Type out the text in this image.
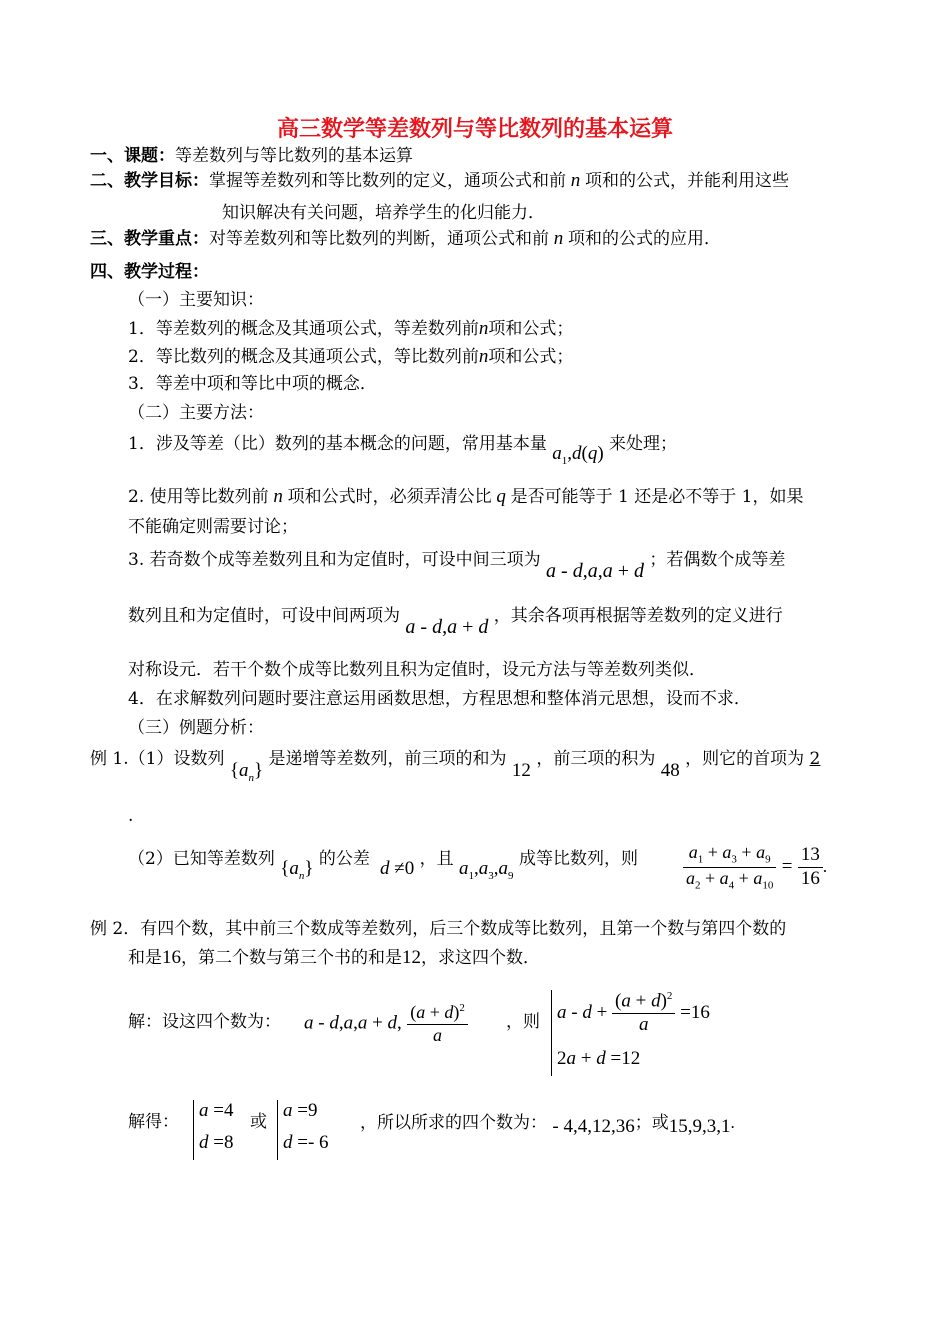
高三数学等差数列与等比数列的基本运算
一、课题：等差数列与等比数列的基本运算
二、教学目标：掌握等差数列和等比数列的定义，通项公式和前 n 项和的公式，并能利用这些
知识解决有关问题，培养学生的化归能力．
三、教学重点：对等差数列和等比数列的判断，通项公式和前 n 项和的公式的应用．
四、教学过程：
（一）主要知识：
1．等差数列的概念及其通项公式，等差数列前n项和公式；
2．等比数列的概念及其通项公式，等比数列前n项和公式；
3．等差中项和等比中项的概念．
（二）主要方法：
1．涉及等差（比）数列的基本概念的问题，常用基本量 $a_1,d(q)$ 来处理；
2. 使用等比数列前 n 项和公式时，必须弄清公比 q 是否可能等于 1 还是必不等于 1，如果
不能确定则需要讨论；
3. 若奇数个成等差数列且和为定值时，可设中间三项为 a - d,a,a + d ；若偶数个成等差
数列且和为定值时，可设中间两项为 a - d,a + d ，其余各项再根据等差数列的定义进行
对称设元．若干个数个成等比数列且积为定值时，设元方法与等差数列类似．
4．在求解数列问题时要注意运用函数思想，方程思想和整体消元思想，设而不求．
（三）例题分析：
例 1.（1）设数列 $\{a_n\}$ 是递增等差数列，前三项的和为 12 ，前三项的积为 48 ，则它的首项为 2
.
（2）已知等差数列 $\{a_n\}$ 的公差  d ≠0 ，且 $a_1,a_3,a_9$ 成等比数列，则	$\frac{a_1 + a_3 + a_9}{a_2 + a_4 + a_{10}} = \frac{13}{16}$ .
例 2．有四个数，其中前三个数成等差数列，后三个数成等比数列，且第一个数与第四个数的
和是16，第二个数与第三个书的和是12，求这四个数．
解：设这四个数为： a - d,a,a + d, $\frac{(a + d)^2}{a}$ ，则 $a - d + \frac{(a + d)^2}{a} =16$
2a + d =12
解得：
a =4
d =8
或
a =9
d =- 6
，所以所求的四个数为： - 4,4,12,36；或15,9,3,1.
